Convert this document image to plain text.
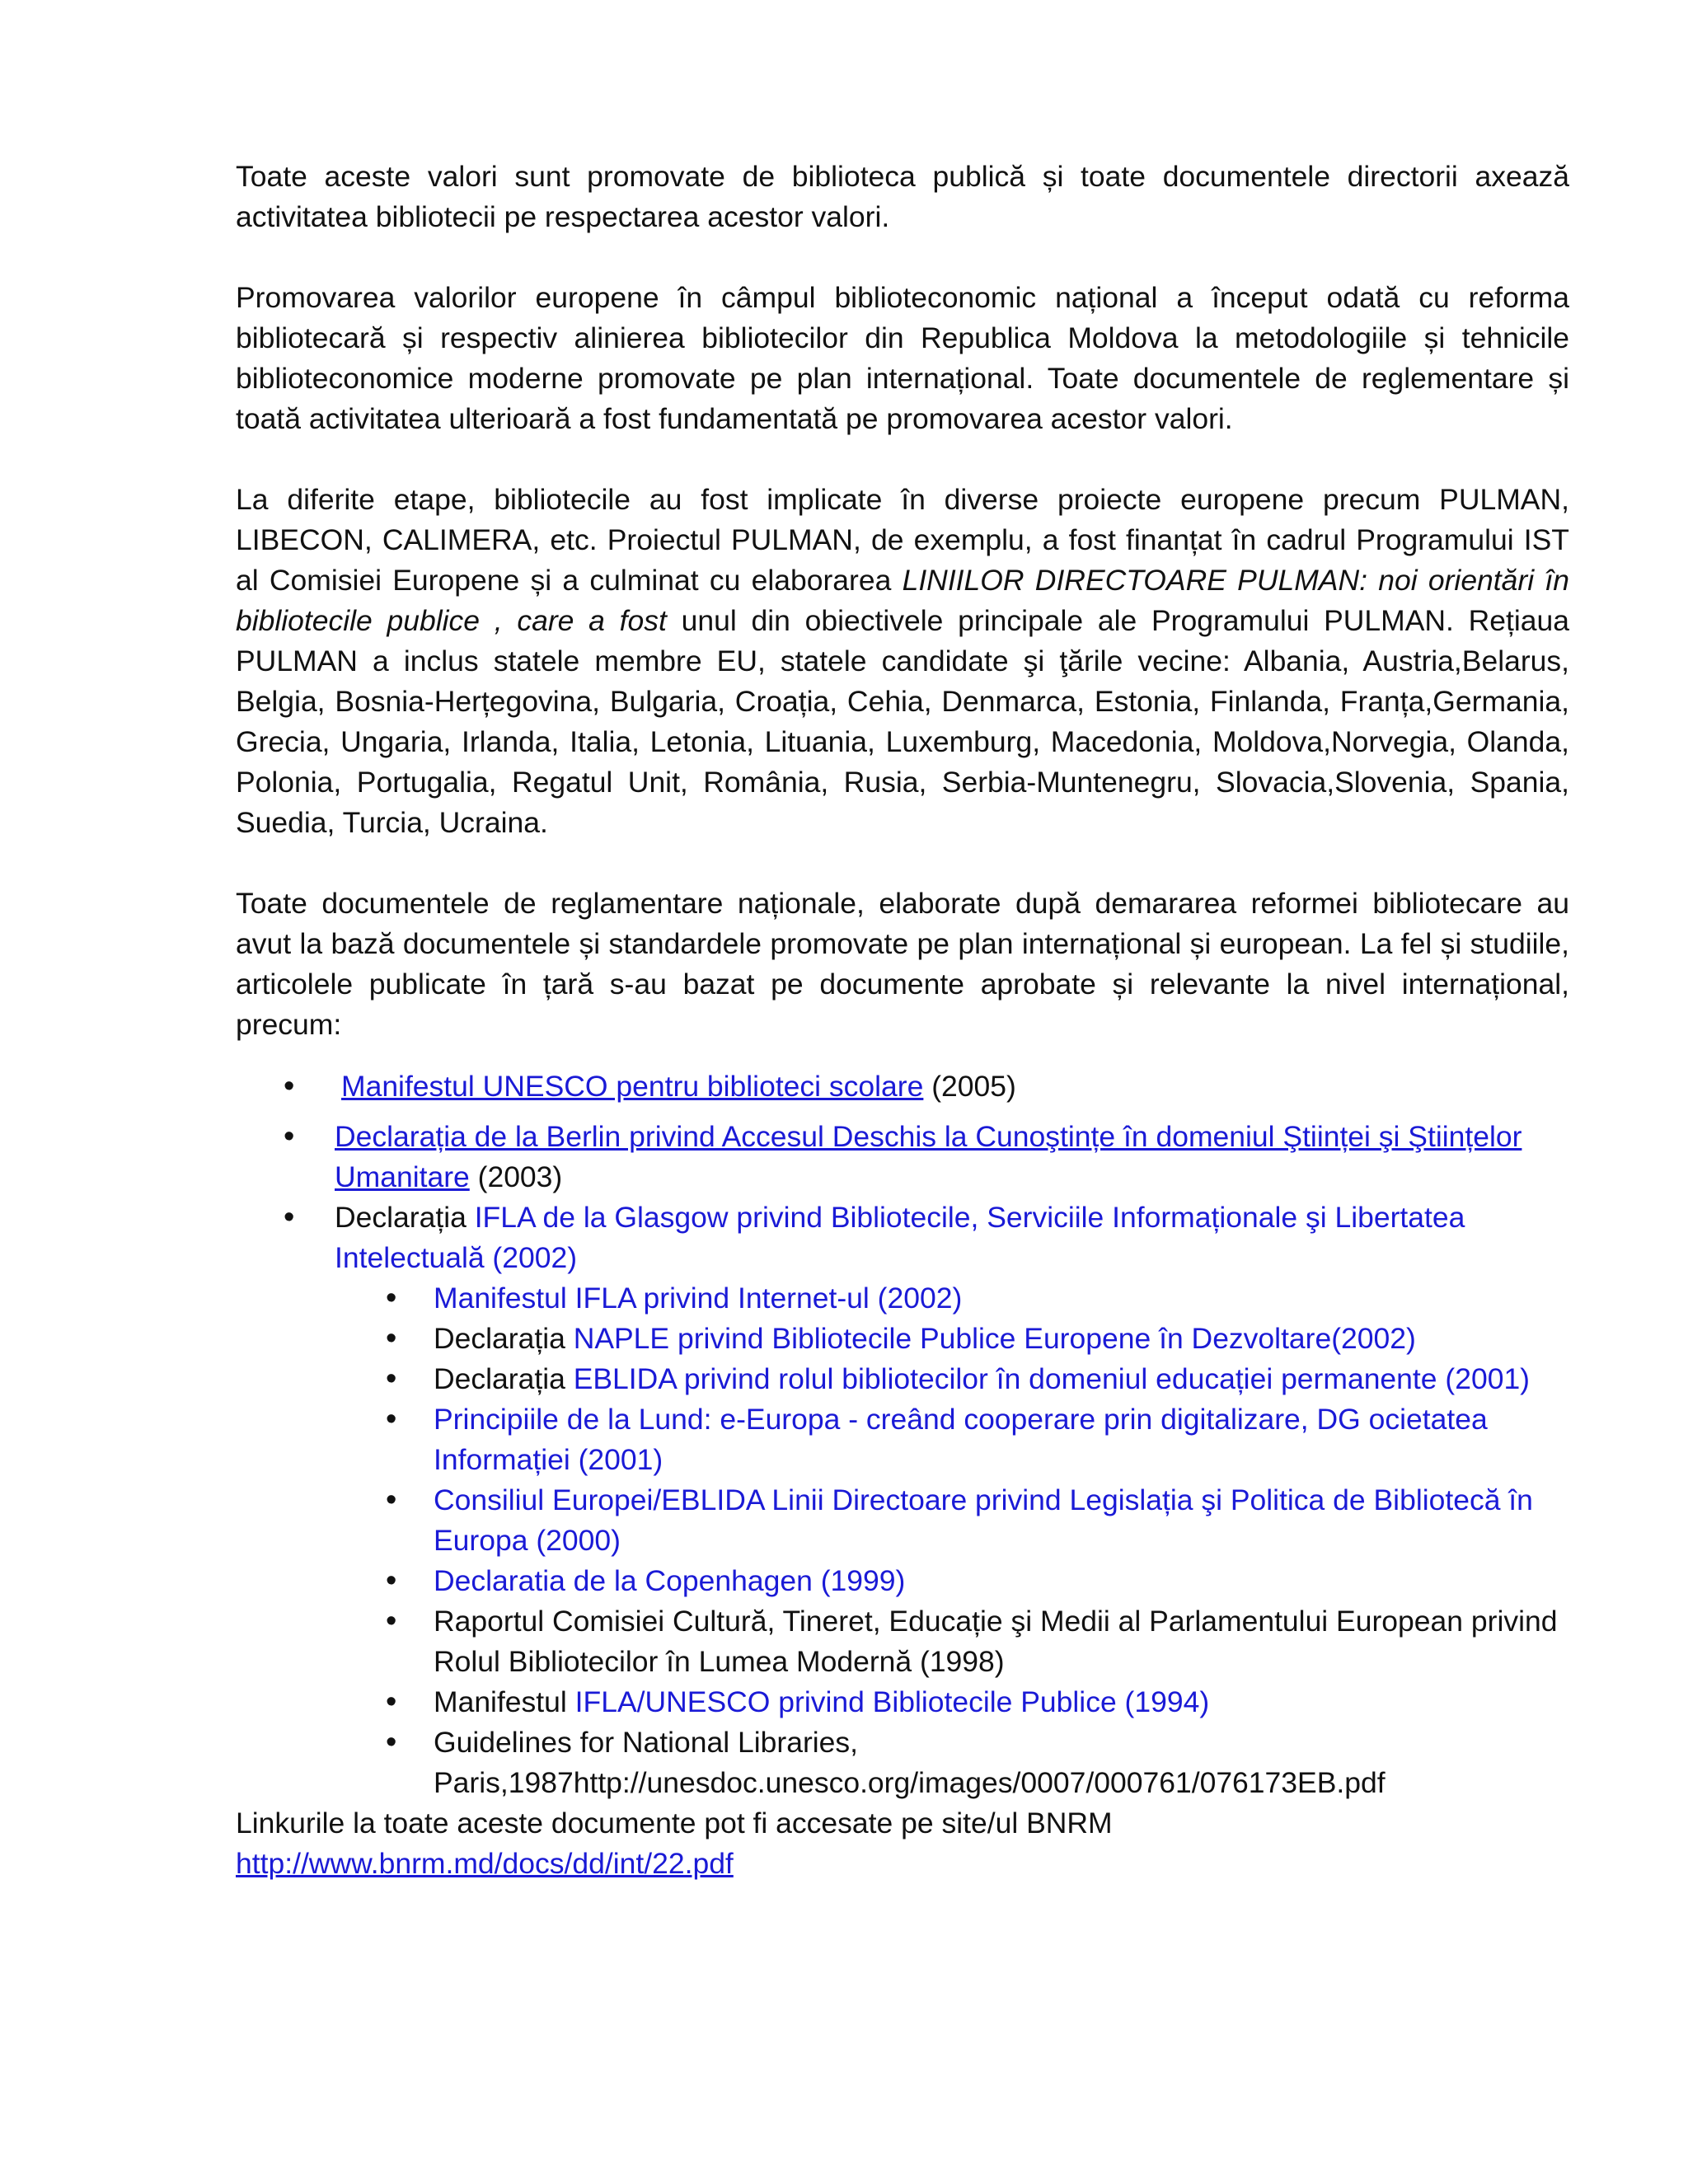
Toate aceste valori sunt promovate de biblioteca publică și toate documentele directorii axează activitatea bibliotecii pe respectarea acestor valori.

Promovarea valorilor europene în câmpul biblioteconomic național a început odată cu reforma bibliotecară și respectiv alinierea bibliotecilor din Republica Moldova la metodologiile și tehnicile biblioteconomice moderne promovate pe plan internațional. Toate documentele de reglementare și toată activitatea ulterioară a fost fundamentată pe promovarea acestor valori.

La diferite etape, bibliotecile au fost implicate în diverse proiecte europene precum PULMAN, LIBECON, CALIMERA, etc. Proiectul PULMAN, de exemplu, a fost finanțat în cadrul Programului IST al Comisiei Europene și a culminat cu elaborarea LINIILOR DIRECTOARE PULMAN: noi orientări în bibliotecile publice , care a fost unul din obiectivele principale ale Programului PULMAN. Rețiaua PULMAN a inclus statele membre EU, statele candidate şi ţările vecine: Albania, Austria,Belarus, Belgia, Bosnia-Herțegovina, Bulgaria, Croația, Cehia, Denmarca, Estonia, Finlanda, Franța,Germania, Grecia, Ungaria, Irlanda, Italia, Letonia, Lituania, Luxemburg, Macedonia, Moldova,Norvegia, Olanda, Polonia, Portugalia, Regatul Unit, România, Rusia, Serbia-Muntenegru, Slovacia,Slovenia, Spania, Suedia, Turcia, Ucraina.

Toate documentele de reglamentare naționale, elaborate după demararea reformei bibliotecare au avut la bază documentele și standardele promovate pe plan internațional și european. La fel și studiile, articolele publicate în țară s-au bazat pe documente aprobate și relevante la nivel internațional, precum:

• Manifestul UNESCO pentru biblioteci scolare (2005)
• Declarația de la Berlin privind Accesul Deschis la Cunoştințe în domeniul Ştiinței şi Ştiințelor Umanitare (2003)
• Declarația IFLA de la Glasgow privind Bibliotecile, Serviciile Informaționale şi Libertatea Intelectuală (2002)
• Manifestul IFLA privind Internet-ul (2002)
• Declarația NAPLE privind Bibliotecile Publice Europene în Dezvoltare(2002)
• Declarația EBLIDA privind rolul bibliotecilor în domeniul educației permanente (2001)
• Principiile de la Lund: e-Europa - creând cooperare prin digitalizare, DG ocietatea Informației (2001)
• Consiliul Europei/EBLIDA Linii Directoare privind Legislația şi Politica de Bibliotecă în Europa (2000)
• Declaratia de la Copenhagen (1999)
• Raportul Comisiei Cultură, Tineret, Educație şi Medii al Parlamentului European privind Rolul Bibliotecilor în Lumea Modernă (1998)
• Manifestul IFLA/UNESCO privind Bibliotecile Publice (1994)
• Guidelines for National Libraries, Paris,1987http://unesdoc.unesco.org/images/0007/000761/076173EB.pdf

Linkurile la toate aceste documente pot fi accesate pe site/ul BNRM

http://www.bnrm.md/docs/dd/int/22.pdf
